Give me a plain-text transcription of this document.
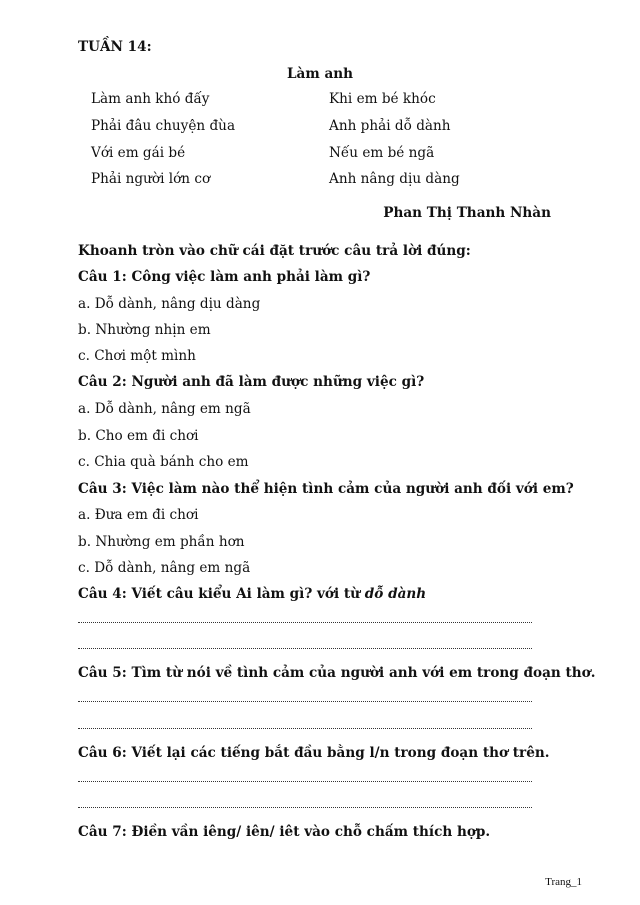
TUẦN 14:
Làm anh
Làm anh khó đấy
Phải đâu chuyện đùa
Với em gái bé
Phải người lớn cơ
Khi em bé khóc
Anh phải dỗ dành
Nếu em bé ngã
Anh nâng dịu dàng
Phan Thị Thanh Nhàn
Khoanh tròn vào chữ cái đặt trước câu trả lời đúng:
Câu 1: Công việc làm anh phải làm gì?
a. Dỗ dành, nâng dịu dàng
b. Nhường nhịn em
c. Chơi một mình
Câu 2: Người anh đã làm được những việc gì?
a. Dỗ dành, nâng em ngã
b. Cho em đi chơi
c. Chia quà bánh cho em
Câu 3: Việc làm nào thể hiện tình cảm của người anh đối với em?
a. Đưa em đi chơi
b. Nhường em phần hơn
c. Dỗ dành, nâng em ngã
Câu 4: Viết câu kiểu Ai làm gì? với từ dỗ dành
Câu 5: Tìm từ nói về tình cảm của người anh với em trong đoạn thơ.
Câu 6: Viết lại các tiếng bắt đầu bằng l/n trong đoạn thơ trên.
Câu 7: Điền vần iêng/ iên/ iêt vào chỗ chấm thích hợp.
Trang_1
